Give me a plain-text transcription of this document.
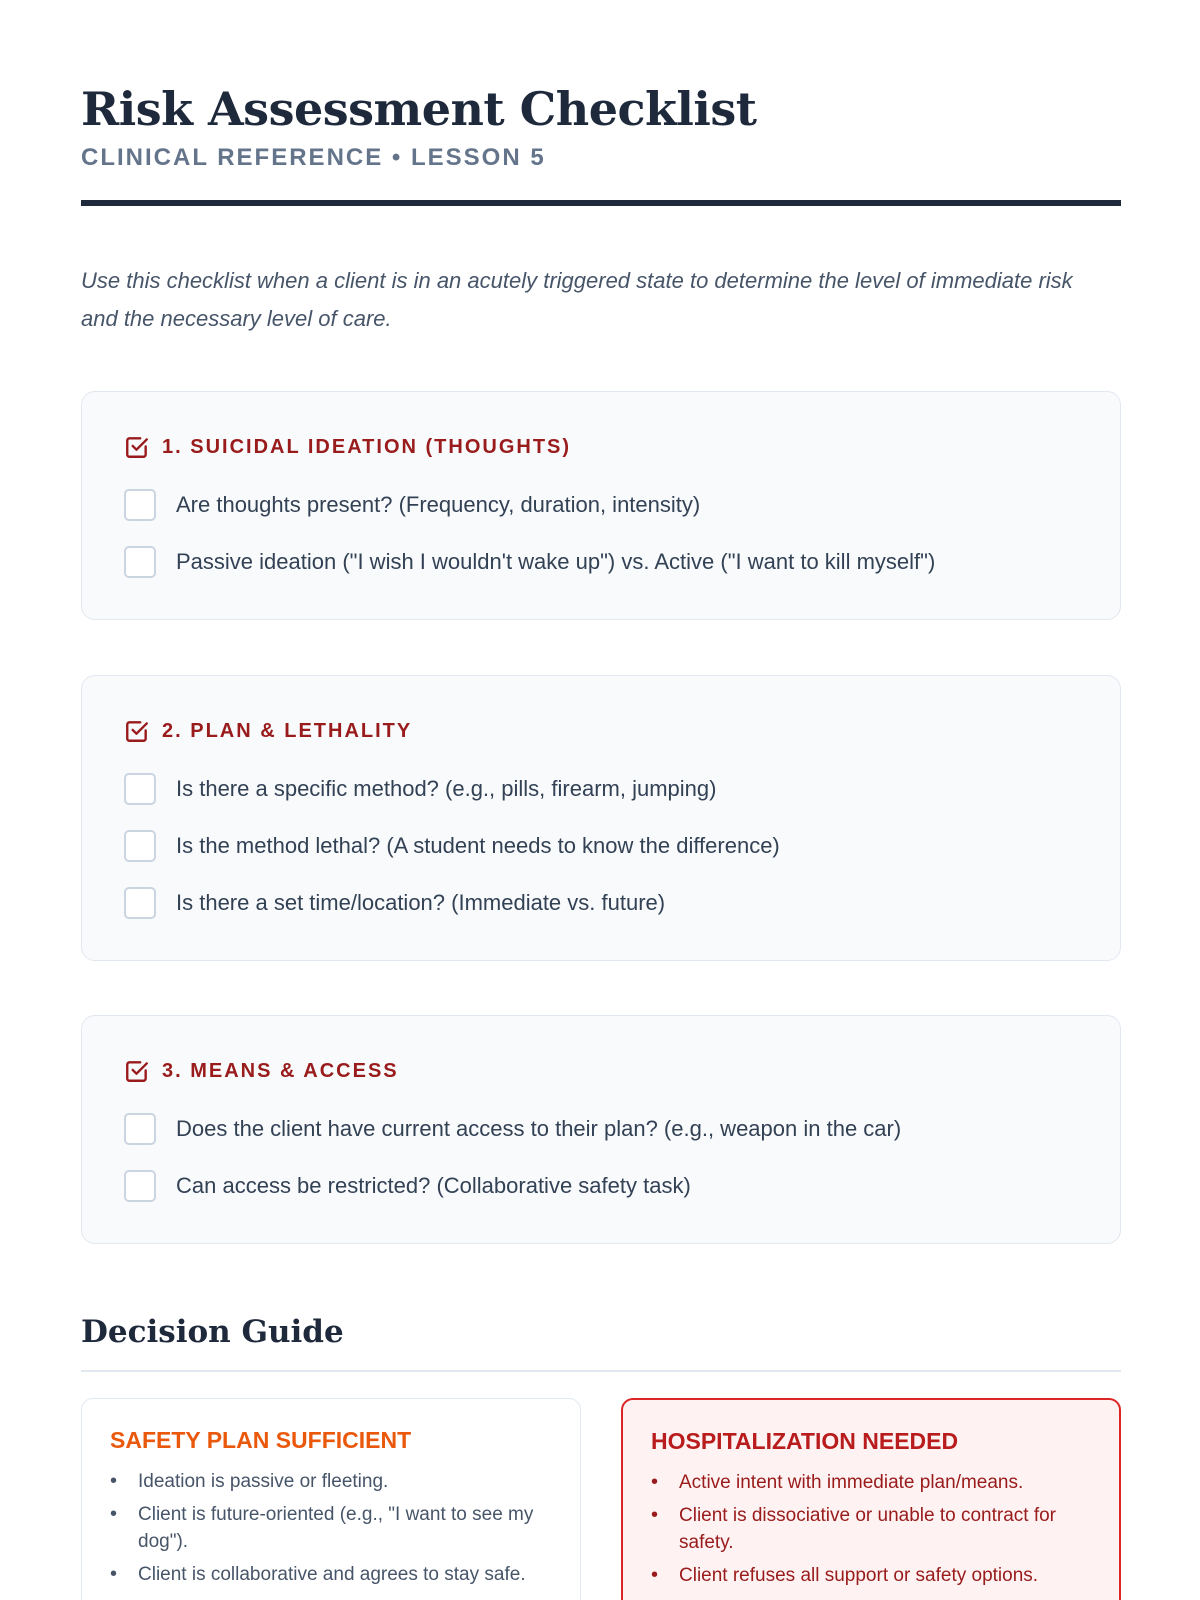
Risk Assessment Checklist
CLINICAL REFERENCE • LESSON 5

Use this checklist when a client is in an acutely triggered state to determine the level of immediate risk and the necessary level of care.

1. SUICIDAL IDEATION (THOUGHTS)
Are thoughts present? (Frequency, duration, intensity)
Passive ideation ("I wish I wouldn't wake up") vs. Active ("I want to kill myself")
2. PLAN & LETHALITY
Is there a specific method? (e.g., pills, firearm, jumping)
Is the method lethal? (A student needs to know the difference)
Is there a set time/location? (Immediate vs. future)
3. MEANS & ACCESS
Does the client have current access to their plan? (e.g., weapon in the car)
Can access be restricted? (Collaborative safety task)
Decision Guide
SAFETY PLAN SUFFICIENT
• Ideation is passive or fleeting.
• Client is future-oriented (e.g., "I want to see my dog").
• Client is collaborative and agrees to stay safe.
HOSPITALIZATION NEEDED
• Active intent with immediate plan/means.
• Client is dissociative or unable to contract for safety.
• Client refuses all support or safety options.
